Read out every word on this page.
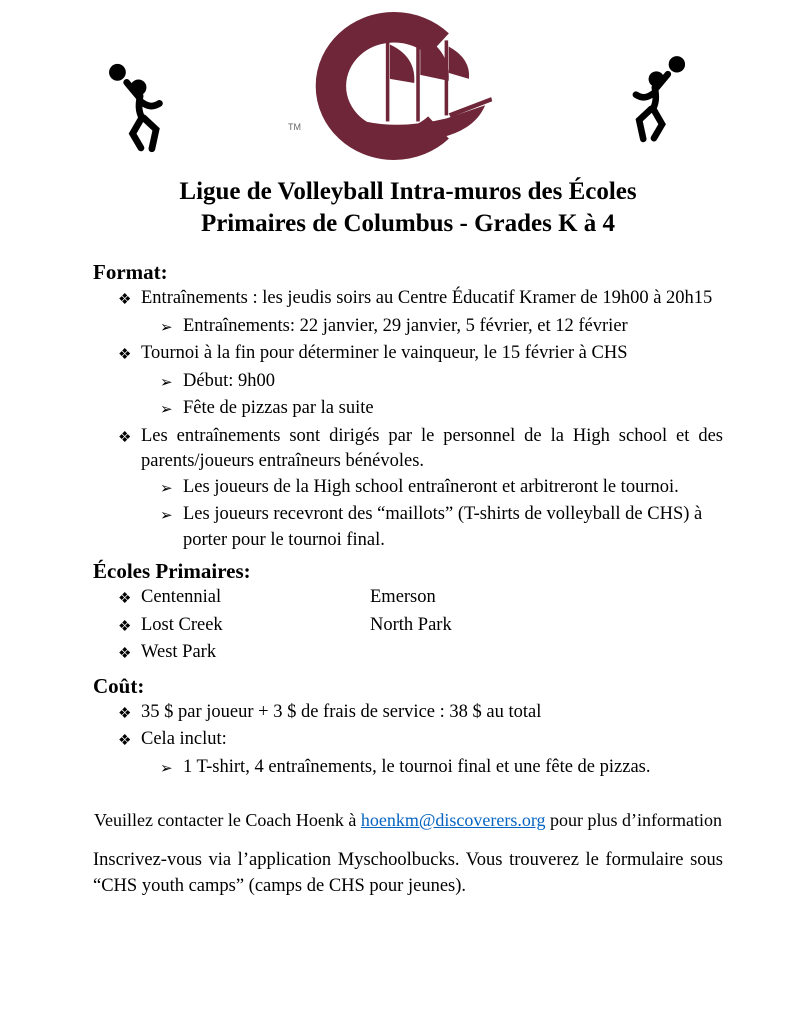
TM
Ligue de Volleyball Intra-muros des Écoles
Primaires de Columbus - Grades K à 4
Format:
❖ Entraînements : les jeudis soirs au Centre Éducatif Kramer de 19h00 à 20h15
➢ Entraînements: 22 janvier, 29 janvier, 5 février, et 12 février
❖ Tournoi à la fin pour déterminer le vainqueur, le 15 février à CHS
➢ Début: 9h00
➢ Fête de pizzas par la suite
❖ Les entraînements sont dirigés par le personnel de la High school et des parents/joueurs entraîneurs bénévoles.
➢ Les joueurs de la High school entraîneront et arbitreront le tournoi.
➢ Les joueurs recevront des “maillots” (T-shirts de volleyball de CHS) à porter pour le tournoi final.
Écoles Primaires:
❖ Centennial	Emerson
❖ Lost Creek	North Park
❖ West Park
Coût:
❖ 35 $ par joueur + 3 $ de frais de service : 38 $ au total
❖ Cela inclut:
➢ 1 T-shirt, 4 entraînements, le tournoi final et une fête de pizzas.
Veuillez contacter le Coach Hoenk à hoenkm@discoverers.org pour plus d’information
Inscrivez-vous via l’application Myschoolbucks. Vous trouverez le formulaire sous “CHS youth camps” (camps de CHS pour jeunes).
